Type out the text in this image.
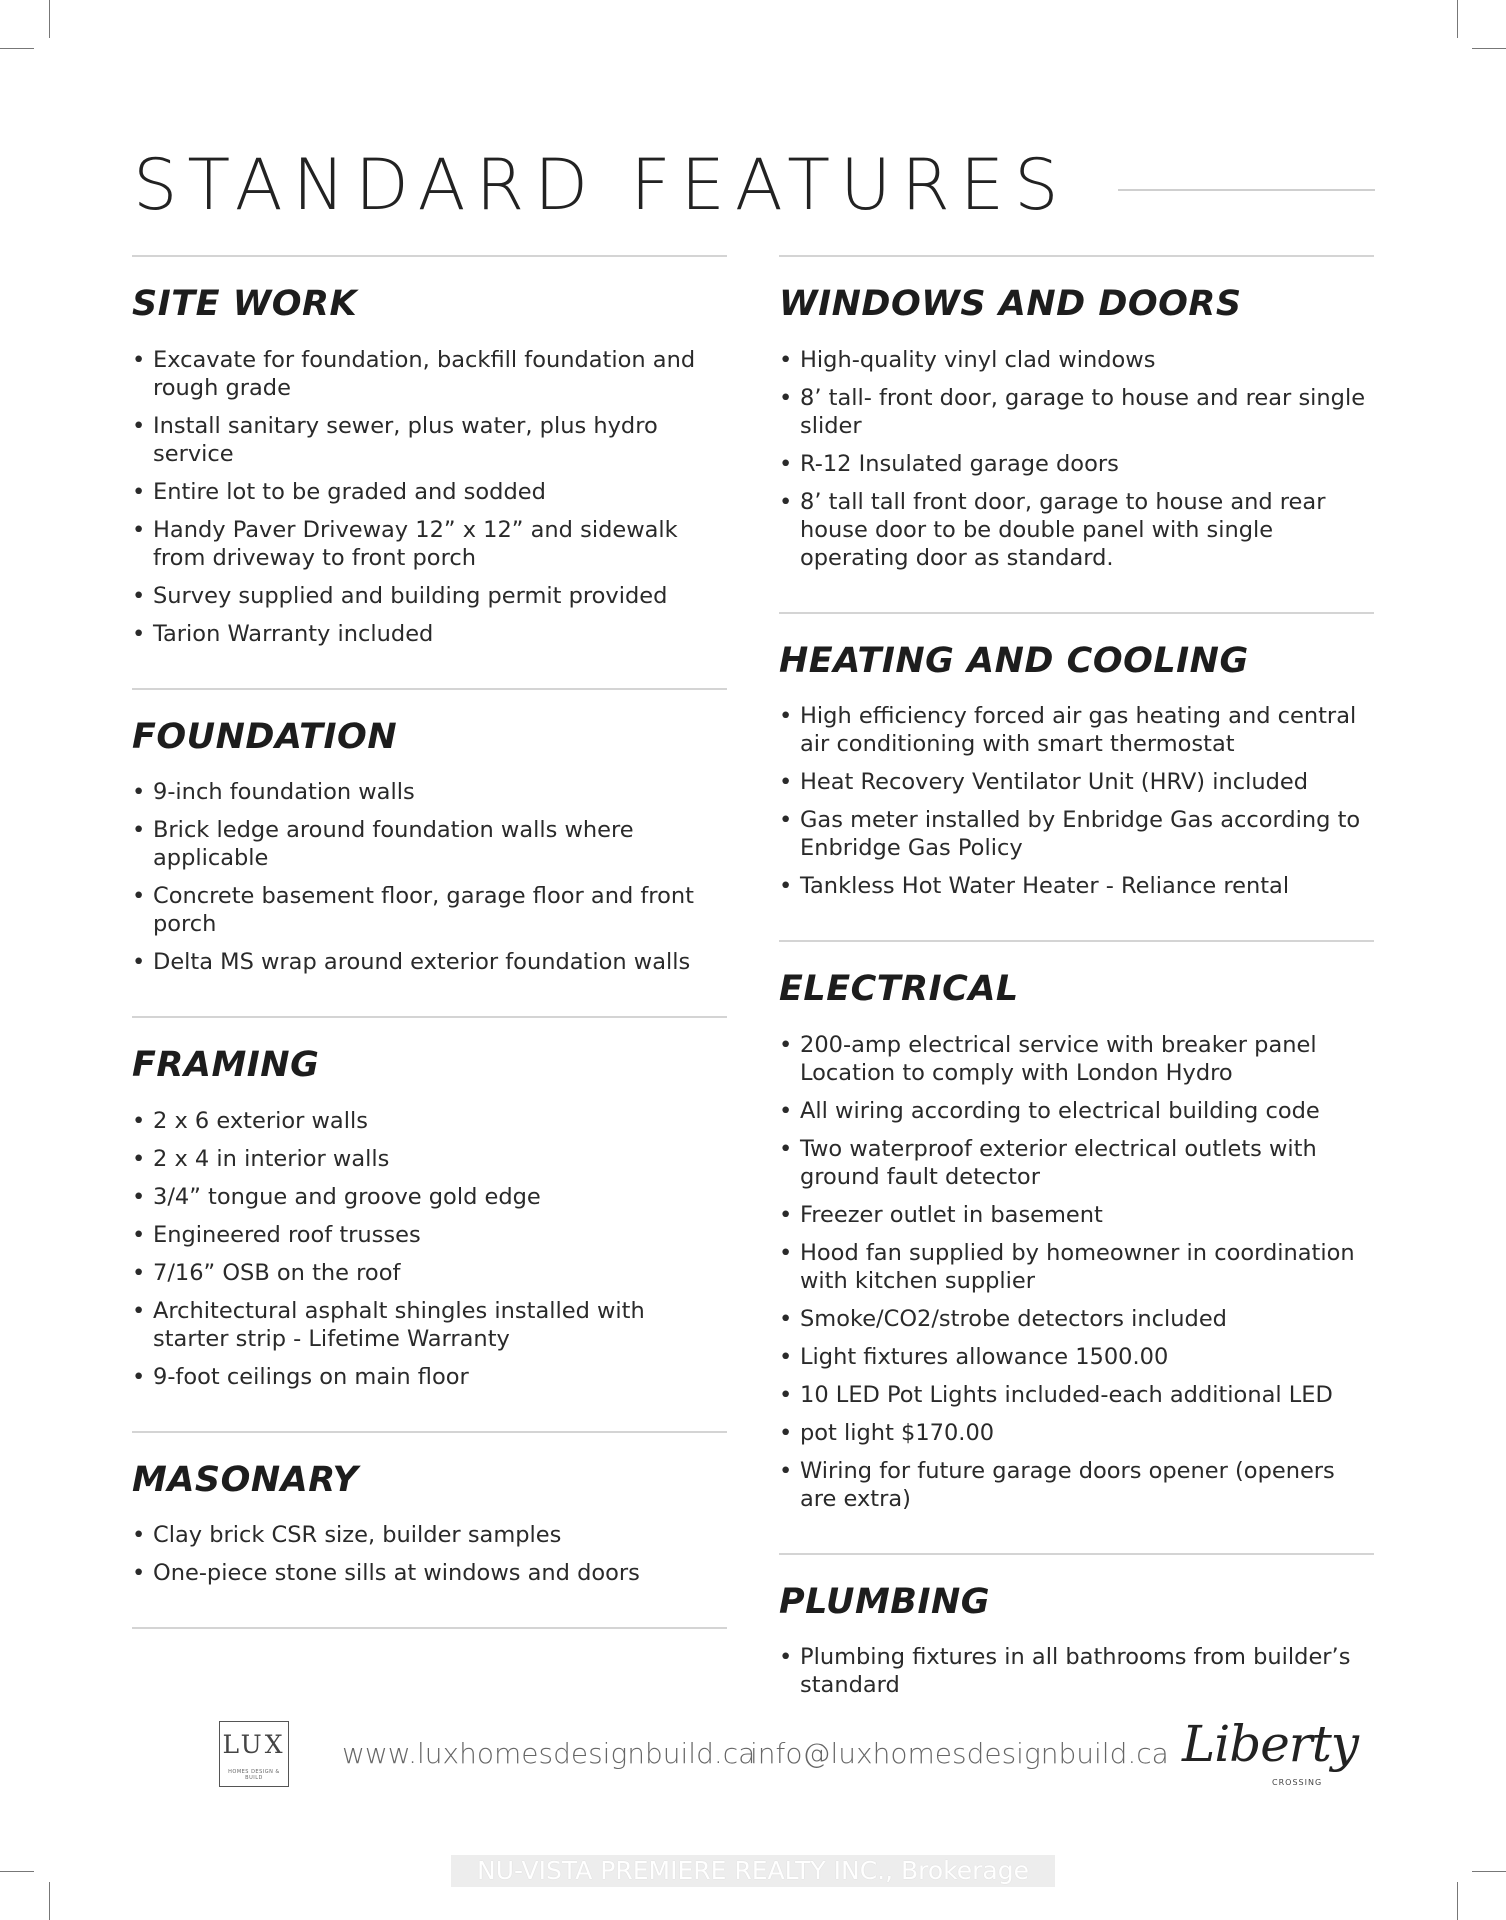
STANDARD FEATURES
SITE WORK
• Excavate for foundation, backfill foundation and rough grade
• Install sanitary sewer, plus water, plus hydro service
• Entire lot to be graded and sodded
• Handy Paver Driveway 12” x 12” and sidewalk from driveway to front porch
• Survey supplied and building permit provided
• Tarion Warranty included
FOUNDATION
• 9-inch foundation walls
• Brick ledge around foundation walls where applicable
• Concrete basement floor, garage floor and front porch
• Delta MS wrap around exterior foundation walls
FRAMING
• 2 x 6 exterior walls
• 2 x 4 in interior walls
• 3/4” tongue and groove gold edge
• Engineered roof trusses
• 7/16” OSB on the roof
• Architectural asphalt shingles installed with starter strip - Lifetime Warranty
• 9-foot ceilings on main floor
MASONARY
• Clay brick CSR size, builder samples
• One-piece stone sills at windows and doors
WINDOWS AND DOORS
• High-quality vinyl clad windows
• 8’ tall- front door, garage to house and rear single slider
• R-12 Insulated garage doors
• 8’ tall tall front door, garage to house and rear house door to be double panel with single operating door as standard.
HEATING AND COOLING
• High efficiency forced air gas heating and central air conditioning with smart thermostat
• Heat Recovery Ventilator Unit (HRV) included
• Gas meter installed by Enbridge Gas according to Enbridge Gas Policy
• Tankless Hot Water Heater - Reliance rental
ELECTRICAL
• 200-amp electrical service with breaker panel Location to comply with London Hydro
• All wiring according to electrical building code
• Two waterproof exterior electrical outlets with ground fault detector
• Freezer outlet in basement
• Hood fan supplied by homeowner in coordination with kitchen supplier
• Smoke/CO2/strobe detectors included
• Light fixtures allowance 1500.00
• 10 LED Pot Lights included-each additional LED
• pot light $170.00
• Wiring for future garage doors opener (openers are extra)
PLUMBING
• Plumbing fixtures in all bathrooms from builder’s standard
LUX
HOMES DESIGN & BUILD
www.luxhomesdesignbuild.ca
info@luxhomesdesignbuild.ca Liberty
CROSSING
NU-VISTA PREMIERE REALTY INC., Brokerage
